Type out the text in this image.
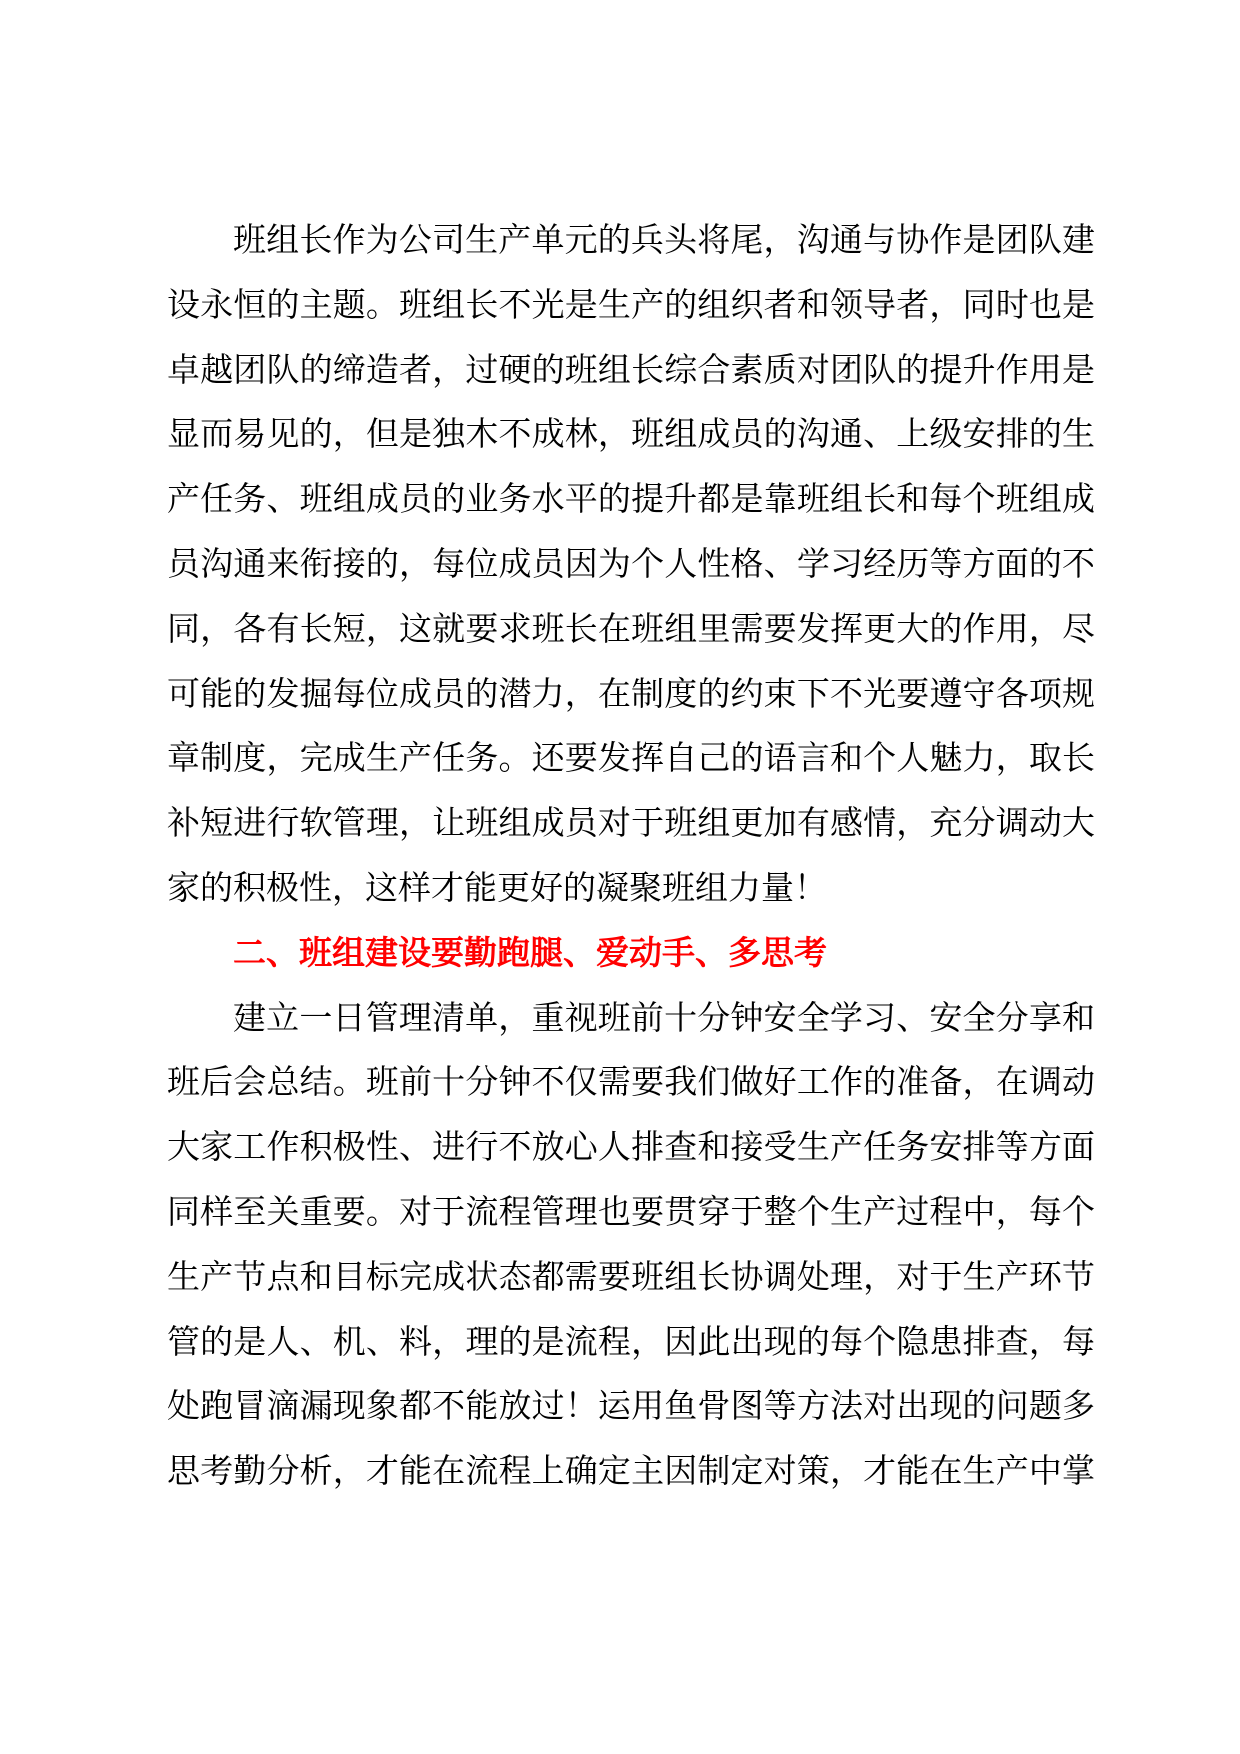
班组长作为公司生产单元的兵头将尾，沟通与协作是团队建
设永恒的主题。班组长不光是生产的组织者和领导者，同时也是
卓越团队的缔造者，过硬的班组长综合素质对团队的提升作用是
显而易见的，但是独木不成林，班组成员的沟通、上级安排的生
产任务、班组成员的业务水平的提升都是靠班组长和每个班组成
员沟通来衔接的，每位成员因为个人性格、学习经历等方面的不
同，各有长短，这就要求班长在班组里需要发挥更大的作用，尽
可能的发掘每位成员的潜力，在制度的约束下不光要遵守各项规
章制度，完成生产任务。还要发挥自己的语言和个人魅力，取长
补短进行软管理，让班组成员对于班组更加有感情，充分调动大
家的积极性，这样才能更好的凝聚班组力量！
二、班组建设要勤跑腿、爱动手、多思考
建立一日管理清单，重视班前十分钟安全学习、安全分享和
班后会总结。班前十分钟不仅需要我们做好工作的准备，在调动
大家工作积极性、进行不放心人排查和接受生产任务安排等方面
同样至关重要。对于流程管理也要贯穿于整个生产过程中，每个
生产节点和目标完成状态都需要班组长协调处理，对于生产环节
管的是人、机、料，理的是流程，因此出现的每个隐患排查，每
处跑冒滴漏现象都不能放过！运用鱼骨图等方法对出现的问题多
思考勤分析，才能在流程上确定主因制定对策，才能在生产中掌
